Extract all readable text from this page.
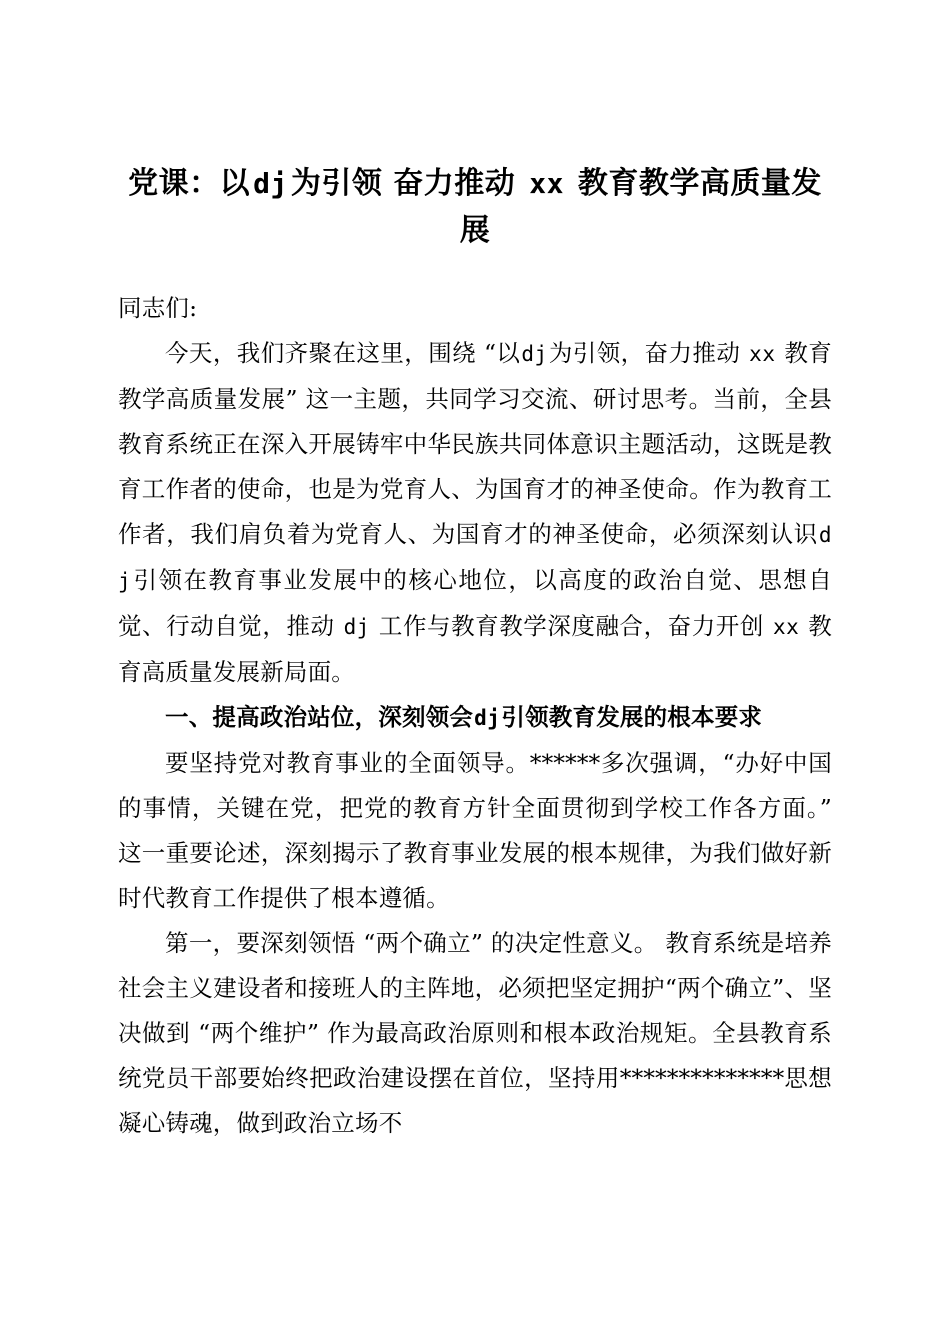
党课：以 dj 为引领 奋力推动 xx 教育教学高质量发展
同志们:

今天，我们齐聚在这里，围绕 “以dj为引领，奋力推动 xx 教育教学高质量发展” 这一主题，共同学习交流、研讨思考。当前，全县教育系统正在深入开展铸牢中华民族共同体意识主题活动，这既是教育工作者的使命，也是为党育人、为国育才的神圣使命。作为教育工作者，我们肩负着为党育人、为国育才的神圣使命，必须深刻认识dj引领在教育事业发展中的核心地位，以高度的政治自觉、思想自觉、行动自觉，推动 dj 工作与教育教学深度融合，奋力开创 xx 教育高质量发展新局面。

一、提高政治站位，深刻领会dj引领教育发展的根本要求

要坚持党对教育事业的全面领导。******多次强调，“办好中国的事情，关键在党，把党的教育方针全面贯彻到学校工作各方面。” 这一重要论述，深刻揭示了教育事业发展的根本规律，为我们做好新时代教育工作提供了根本遵循。

第一，要深刻领悟 “两个确立” 的决定性意义。 教育系统是培养社会主义建设者和接班人的主阵地，必须把坚定拥护“两个确立”、坚决做到 “两个维护” 作为最高政治原则和根本政治规矩。全县教育系统党员干部要始终把政治建设摆在首位，坚持用**************思想凝心铸魂，做到政治立场不
